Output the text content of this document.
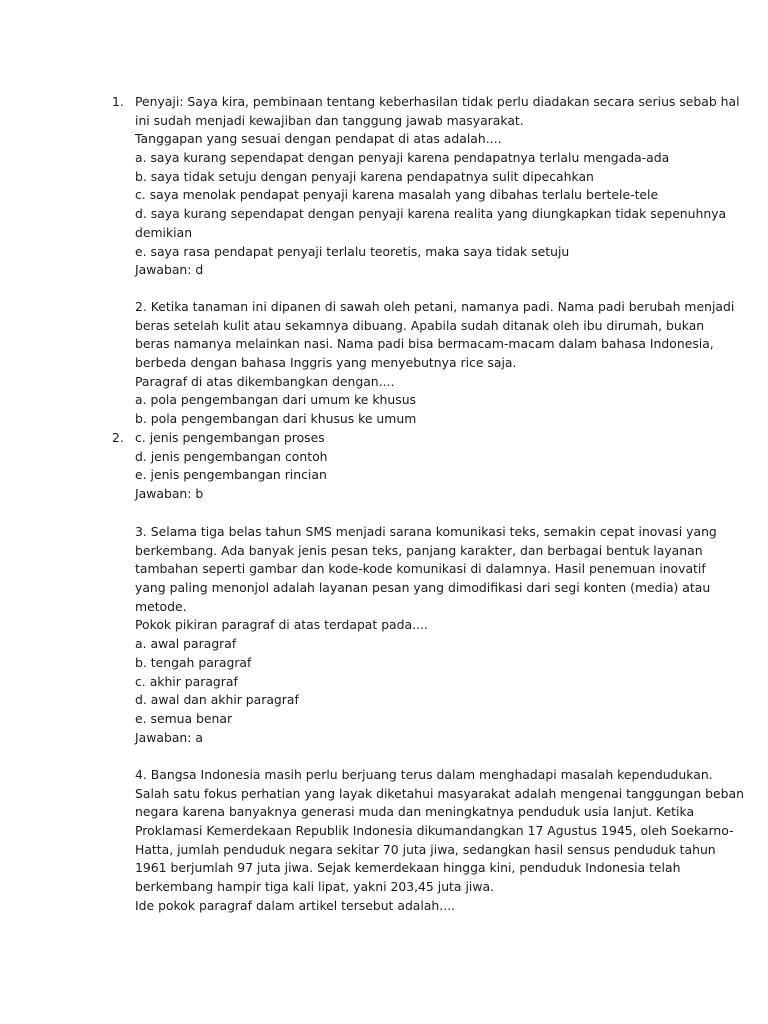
1. Penyaji: Saya kira, pembinaan tentang keberhasilan tidak perlu diadakan secara serius sebab hal
ini sudah menjadi kewajiban dan tanggung jawab masyarakat.
Tanggapan yang sesuai dengan pendapat di atas adalah....
a. saya kurang sependapat dengan penyaji karena pendapatnya terlalu mengada-ada
b. saya tidak setuju dengan penyaji karena pendapatnya sulit dipecahkan
c. saya menolak pendapat penyaji karena masalah yang dibahas terlalu bertele-tele
d. saya kurang sependapat dengan penyaji karena realita yang diungkapkan tidak sepenuhnya
demikian
e. saya rasa pendapat penyaji terlalu teoretis, maka saya tidak setuju
Jawaban: d
2. Ketika tanaman ini dipanen di sawah oleh petani, namanya padi. Nama padi berubah menjadi
beras setelah kulit atau sekamnya dibuang. Apabila sudah ditanak oleh ibu dirumah, bukan
beras namanya melainkan nasi. Nama padi bisa bermacam-macam dalam bahasa Indonesia,
berbeda dengan bahasa Inggris yang menyebutnya rice saja.
Paragraf di atas dikembangkan dengan....
a. pola pengembangan dari umum ke khusus
b. pola pengembangan dari khusus ke umum
c. jenis pengembangan proses
d. jenis pengembangan contoh
e. jenis pengembangan rincian
Jawaban: b
2.
3. Selama tiga belas tahun SMS menjadi sarana komunikasi teks, semakin cepat inovasi yang
berkembang. Ada banyak jenis pesan teks, panjang karakter, dan berbagai bentuk layanan
tambahan seperti gambar dan kode-kode komunikasi di dalamnya. Hasil penemuan inovatif
yang paling menonjol adalah layanan pesan yang dimodifikasi dari segi konten (media) atau
metode.
Pokok pikiran paragraf di atas terdapat pada....
a. awal paragraf
b. tengah paragraf
c. akhir paragraf
d. awal dan akhir paragraf
e. semua benar
Jawaban: a
4. Bangsa Indonesia masih perlu berjuang terus dalam menghadapi masalah kependudukan.
Salah satu fokus perhatian yang layak diketahui masyarakat adalah mengenai tanggungan beban
negara karena banyaknya generasi muda dan meningkatnya penduduk usia lanjut. Ketika
Proklamasi Kemerdekaan Republik Indonesia dikumandangkan 17 Agustus 1945, oleh Soekarno-
Hatta, jumlah penduduk negara sekitar 70 juta jiwa, sedangkan hasil sensus penduduk tahun
1961 berjumlah 97 juta jiwa. Sejak kemerdekaan hingga kini, penduduk Indonesia telah
berkembang hampir tiga kali lipat, yakni 203,45 juta jiwa.
Ide pokok paragraf dalam artikel tersebut adalah....
